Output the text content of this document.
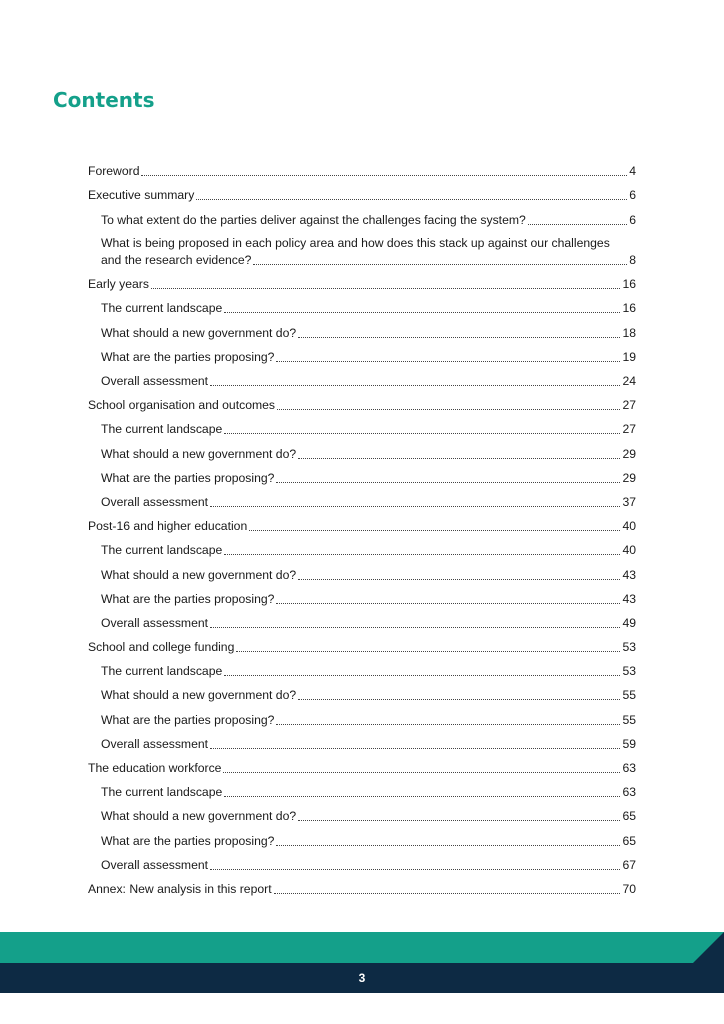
Contents
Foreword	4
Executive summary	6
To what extent do the parties deliver against the challenges facing the system?	6
What is being proposed in each policy area and how does this stack up against our challenges
and the research evidence?	8
Early years	16
The current landscape	16
What should a new government do?	18
What are the parties proposing?	19
Overall assessment	24
School organisation and outcomes	27
The current landscape	27
What should a new government do?	29
What are the parties proposing?	29
Overall assessment	37
Post-16 and higher education	40
The current landscape	40
What should a new government do?	43
What are the parties proposing?	43
Overall assessment	49
School and college funding	53
The current landscape	53
What should a new government do?	55
What are the parties proposing?	55
Overall assessment	59
The education workforce	63
The current landscape	63
What should a new government do?	65
What are the parties proposing?	65
Overall assessment	67
Annex: New analysis in this report	70
3
